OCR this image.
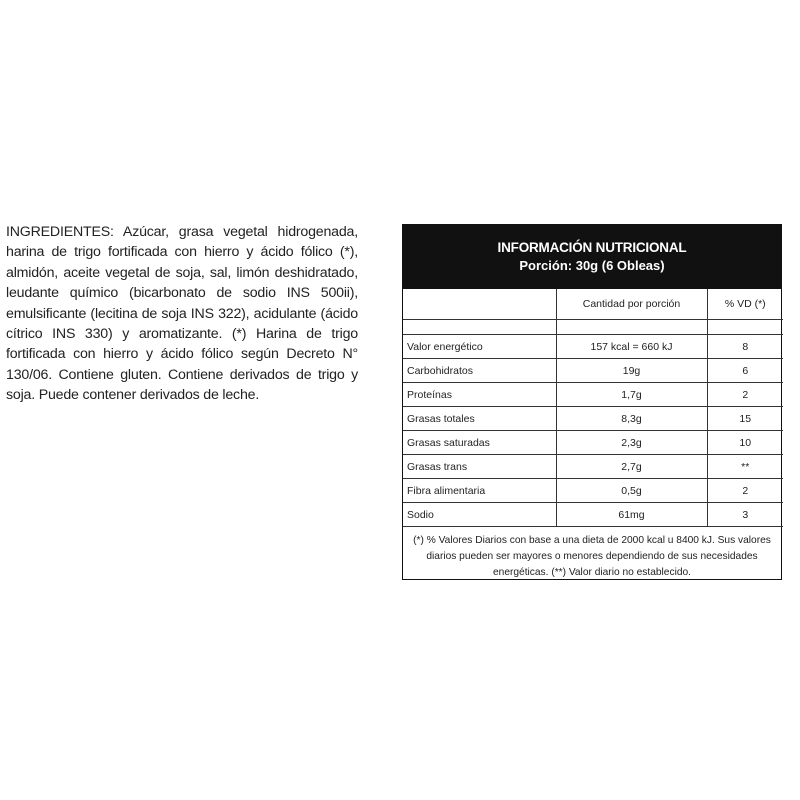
INGREDIENTES: Azúcar, grasa vegetal hidrogenada, harina de trigo fortificada con hierro y ácido fólico (*), almidón, aceite vegetal de soja, sal, limón deshidratado, leudante químico (bicarbonato de sodio INS 500ii), emulsificante (lecitina de soja INS 322), acidulante (ácido cítrico INS 330) y aromatizante. (*) Harina de trigo fortificada con hierro y ácido fólico según Decreto N° 130/06. Contiene gluten. Contiene derivados de trigo y soja. Puede contener derivados de leche.
INFORMACIÓN NUTRICIONAL
Porción: 30g (6 Obleas)
	Cantidad por porción	% VD (*)

Valor energético	157 kcal = 660 kJ	8
Carbohidratos	19g	6
Proteínas	1,7g	2
Grasas totales	8,3g	15
Grasas saturadas	2,3g	10
Grasas trans	2,7g	**
Fibra alimentaria	0,5g	2
Sodio	61mg	3
(*) % Valores Diarios con base a una dieta de 2000 kcal u 8400 kJ. Sus valores diarios pueden ser mayores o menores dependiendo de sus necesidades energéticas. (**) Valor diario no establecido.
